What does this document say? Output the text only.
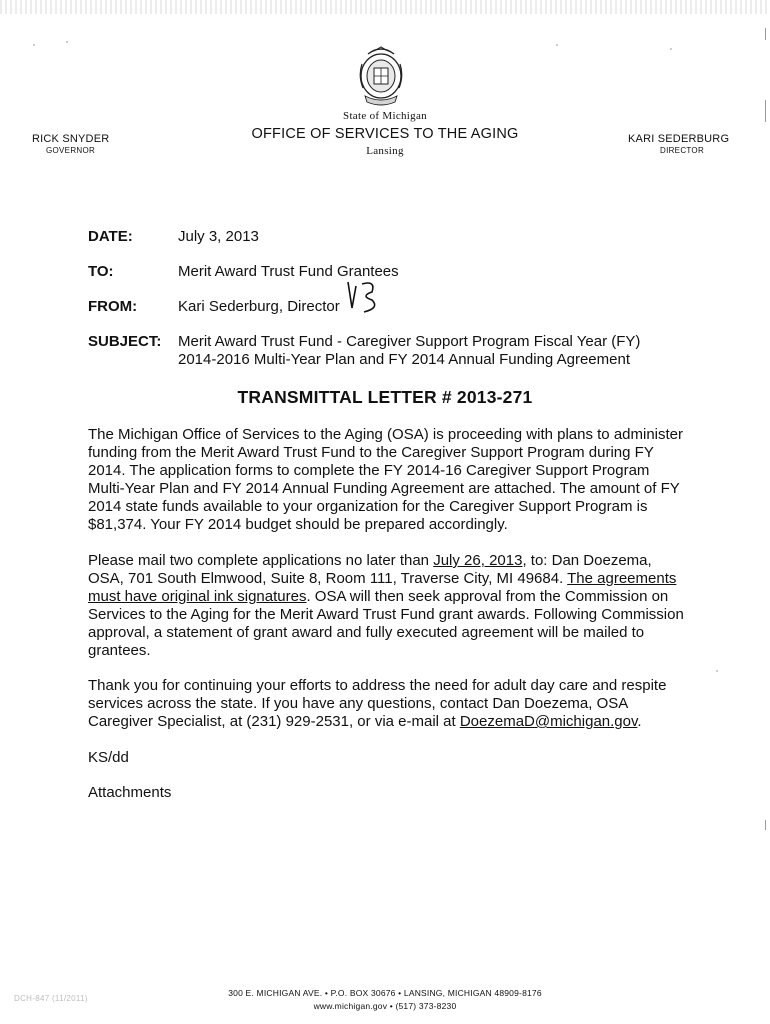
State of Michigan
OFFICE OF SERVICES TO THE AGING
Lansing
RICK SNYDER
GOVERNOR
KARI SEDERBURG
DIRECTOR
DATE:	July 3, 2013
TO:	Merit Award Trust Fund Grantees
FROM:	Kari Sederburg, Director
SUBJECT: Merit Award Trust Fund - Caregiver Support Program Fiscal Year (FY)
2014-2016 Multi-Year Plan and FY 2014 Annual Funding Agreement
TRANSMITTAL LETTER # 2013-271

The Michigan Office of Services to the Aging (OSA) is proceeding with plans to administer funding from the Merit Award Trust Fund to the Caregiver Support Program during FY 2014. The application forms to complete the FY 2014-16 Caregiver Support Program Multi-Year Plan and FY 2014 Annual Funding Agreement are attached. The amount of FY 2014 state funds available to your organization for the Caregiver Support Program is $81,374. Your FY 2014 budget should be prepared accordingly.

Please mail two complete applications no later than July 26, 2013, to: Dan Doezema, OSA, 701 South Elmwood, Suite 8, Room 111, Traverse City, MI 49684. The agreements must have original ink signatures. OSA will then seek approval from the Commission on Services to the Aging for the Merit Award Trust Fund grant awards. Following Commission approval, a statement of grant award and fully executed agreement will be mailed to grantees.

Thank you for continuing your efforts to address the need for adult day care and respite services across the state. If you have any questions, contact Dan Doezema, OSA Caregiver Specialist, at (231) 929-2531, or via e-mail at DoezemaD@michigan.gov.

KS/dd
Attachments
300 E. MICHIGAN AVE. • P.O. BOX 30676 • LANSING, MICHIGAN 48909-8176
www.michigan.gov • (517) 373-8230
DCH-847 (11/2011)
